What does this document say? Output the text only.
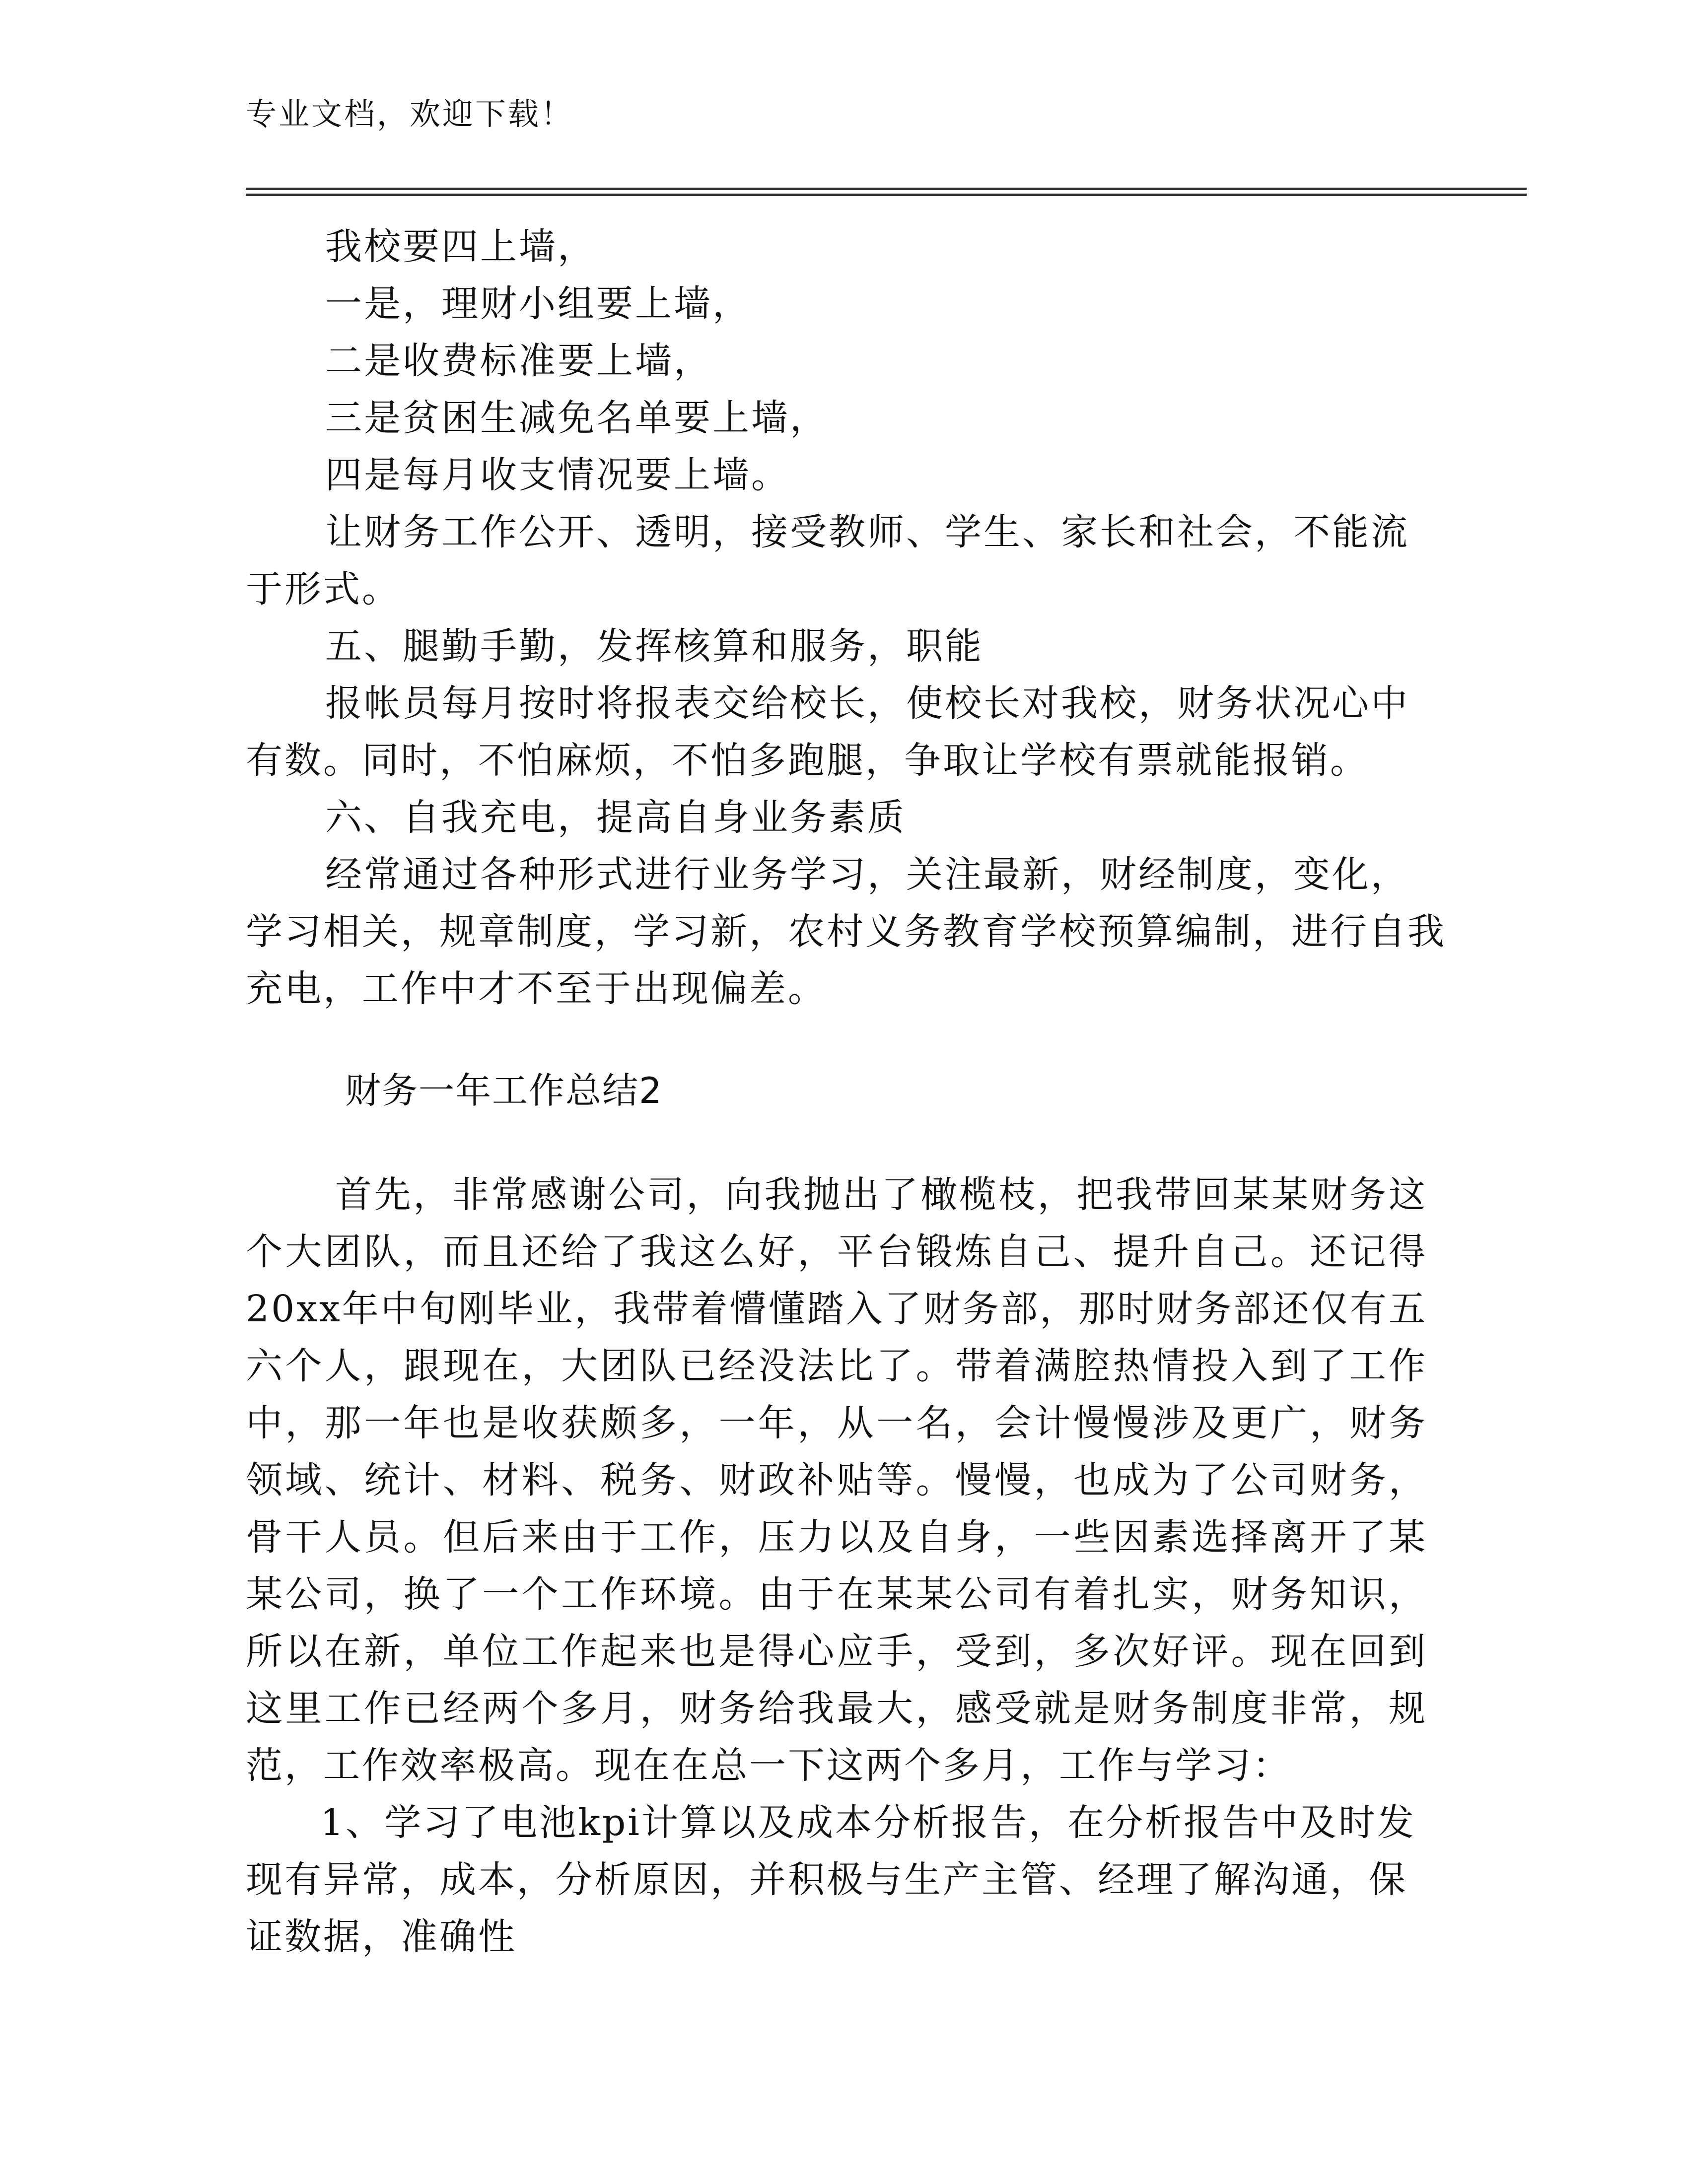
专业文档，欢迎下载！

我校要四上墙，

一是，理财小组要上墙，

二是收费标准要上墙，

三是贫困生减免名单要上墙，

四是每月收支情况要上墙。

让财务工作公开、透明，接受教师、学生、家长和社会，不能流于形式。

五、腿勤手勤，发挥核算和服务，职能

报帐员每月按时将报表交给校长，使校长对我校，财务状况心中有数。同时，不怕麻烦，不怕多跑腿，争取让学校有票就能报销。

六、自我充电，提高自身业务素质

经常通过各种形式进行业务学习，关注最新，财经制度，变化，学习相关，规章制度，学习新，农村义务教育学校预算编制，进行自我充电，工作中才不至于出现偏差。

财务一年工作总结2

首先，非常感谢公司，向我抛出了橄榄枝，把我带回某某财务这个大团队，而且还给了我这么好，平台锻炼自己、提升自己。还记得20xx年中旬刚毕业，我带着懵懂踏入了财务部，那时财务部还仅有五六个人，跟现在，大团队已经没法比了。带着满腔热情投入到了工作中，那一年也是收获颇多，一年，从一名，会计慢慢涉及更广，财务领域、统计、材料、税务、财政补贴等。慢慢，也成为了公司财务，骨干人员。但后来由于工作，压力以及自身，一些因素选择离开了某某公司，换了一个工作环境。由于在某某公司有着扎实，财务知识，所以在新，单位工作起来也是得心应手，受到，多次好评。现在回到这里工作已经两个多月，财务给我最大，感受就是财务制度非常，规范，工作效率极高。现在在总一下这两个多月，工作与学习：

1、学习了电池kpi计算以及成本分析报告，在分析报告中及时发现有异常，成本，分析原因，并积极与生产主管、经理了解沟通，保证数据，准确性
